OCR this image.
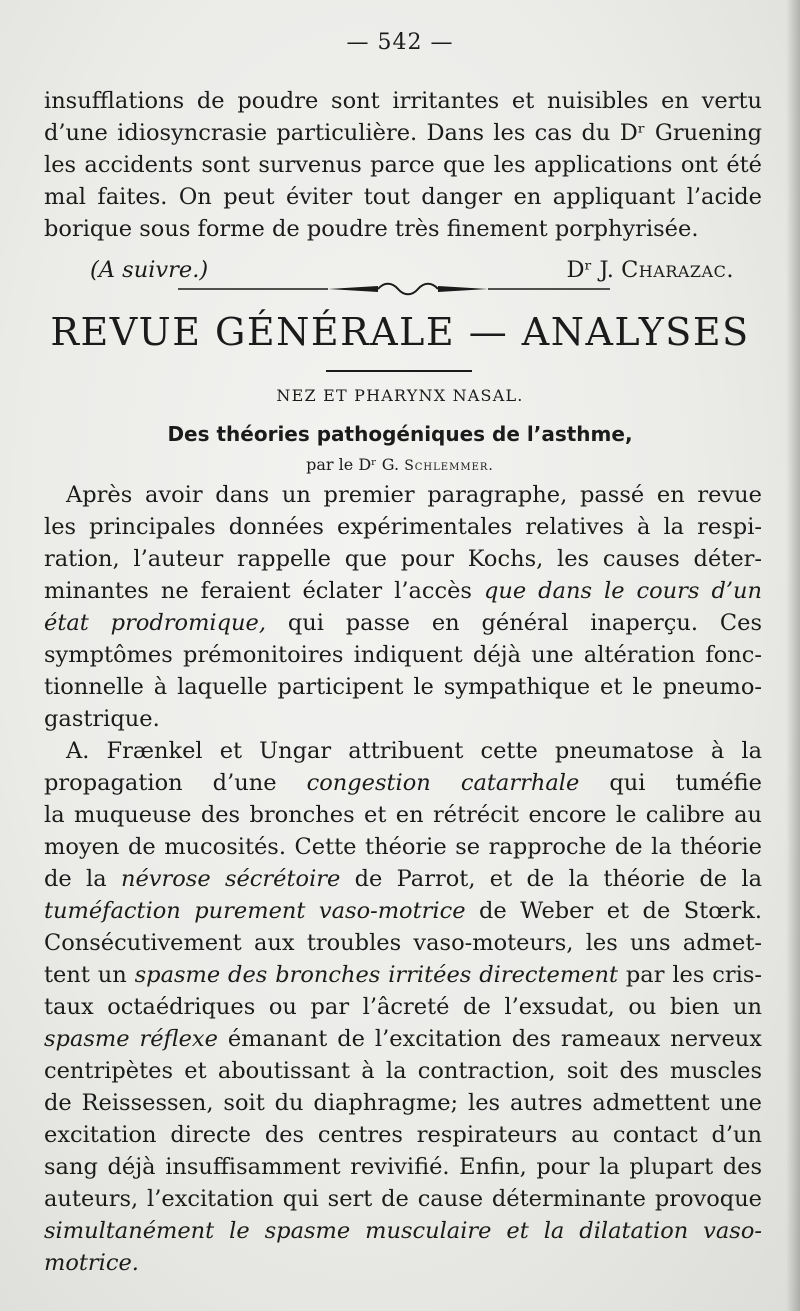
— 542 —
insufflations de poudre sont irritantes et nuisibles en vertu
d’une idiosyncrasie particulière. Dans les cas du Dʳ Gruening
les accidents sont survenus parce que les applications ont été
mal faites. On peut éviter tout danger en appliquant l’acide
borique sous forme de poudre très finement porphyrisée.
(A suivre.)	Dʳ J. Charazac.
REVUE GÉNÉRALE — ANALYSES
NEZ ET PHARYNX NASAL.
Des théories pathogéniques de l’asthme,
par le Dʳ G. Schlemmer.
Après avoir dans un premier paragraphe, passé en revue
les principales données expérimentales relatives à la respi-
ration, l’auteur rappelle que pour Kochs, les causes déter-
minantes ne feraient éclater l’accès que dans le cours d’un
état prodromique, qui passe en général inaperçu. Ces
symptômes prémonitoires indiquent déjà une altération fonc-
tionnelle à laquelle participent le sympathique et le pneumo-
gastrique.
A. Frænkel et Ungar attribuent cette pneumatose à la
propagation d’une congestion catarrhale qui tuméfie
la muqueuse des bronches et en rétrécit encore le calibre au
moyen de mucosités. Cette théorie se rapproche de la théorie
de la névrose sécrétoire de Parrot, et de la théorie de la
tuméfaction purement vaso-motrice de Weber et de Stœrk.
Consécutivement aux troubles vaso-moteurs, les uns admet-
tent un spasme des bronches irritées directement par les cris-
taux octaédriques ou par l’âcreté de l’exsudat, ou bien un
spasme réflexe émanant de l’excitation des rameaux nerveux
centripètes et aboutissant à la contraction, soit des muscles
de Reissessen, soit du diaphragme; les autres admettent une
excitation directe des centres respirateurs au contact d’un
sang déjà insuffisamment revivifié. Enfin, pour la plupart des
auteurs, l’excitation qui sert de cause déterminante provoque
simultanément le spasme musculaire et la dilatation vaso-
motrice.
